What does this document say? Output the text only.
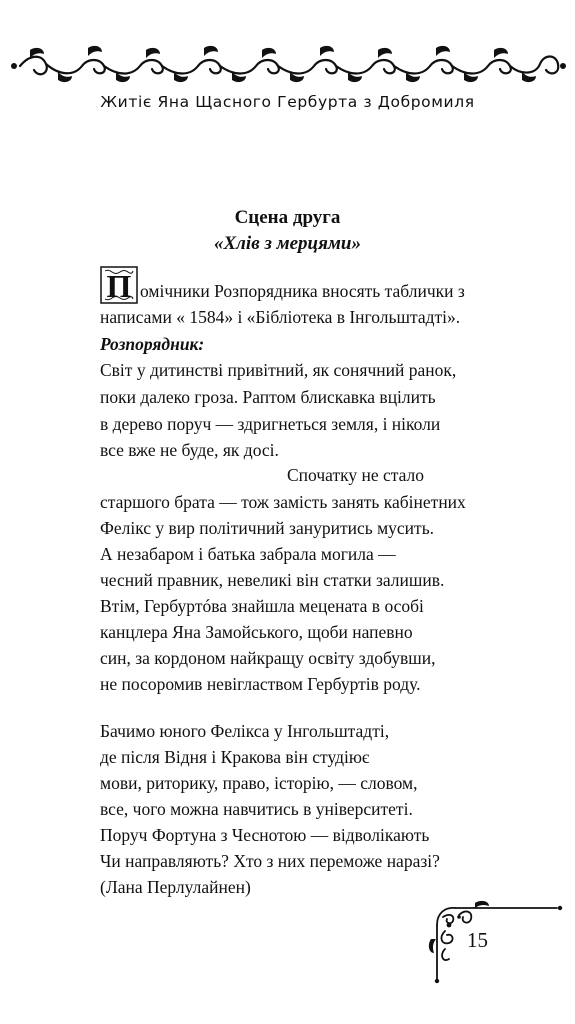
Житіє Яна Щасного Гербурта з Добромиля
Сцена друга
«Хлів з мерцями»
П омічники Розпорядника вносять таблички з
написами « 1584» і «Бібліотека в Інгольштадті».
Розпорядник:
Світ у дитинстві привітний, як сонячний ранок,
поки далеко гроза. Раптом блискавка вцілить
в дерево поруч — здригнеться земля, і ніколи
все вже не буде, як досі.
Спочатку не стало
старшого брата — тож замість занять кабінетних
Фелікс у вир політичний зануритись мусить.
А незабаром і батька забрала могила —
чесний правник, невеликі він статки залишив.
Втім, Гербуртóва знайшла мецената в особі
канцлера Яна Замойського, щоби напевно
син, за кордоном найкращу освіту здобувши,
не посоромив невіглаством Гербуртів роду.
Бачимо юного Фелікса у Інгольштадті,
де після Відня і Кракова він студіює
мови, риторику, право, історію, — словом,
все, чого можна навчитись в університеті.
Поруч Фортуна з Чеснотою — відволікають
Чи направляють? Хто з них переможе наразі?
(Лана Перлулайнен)
15
